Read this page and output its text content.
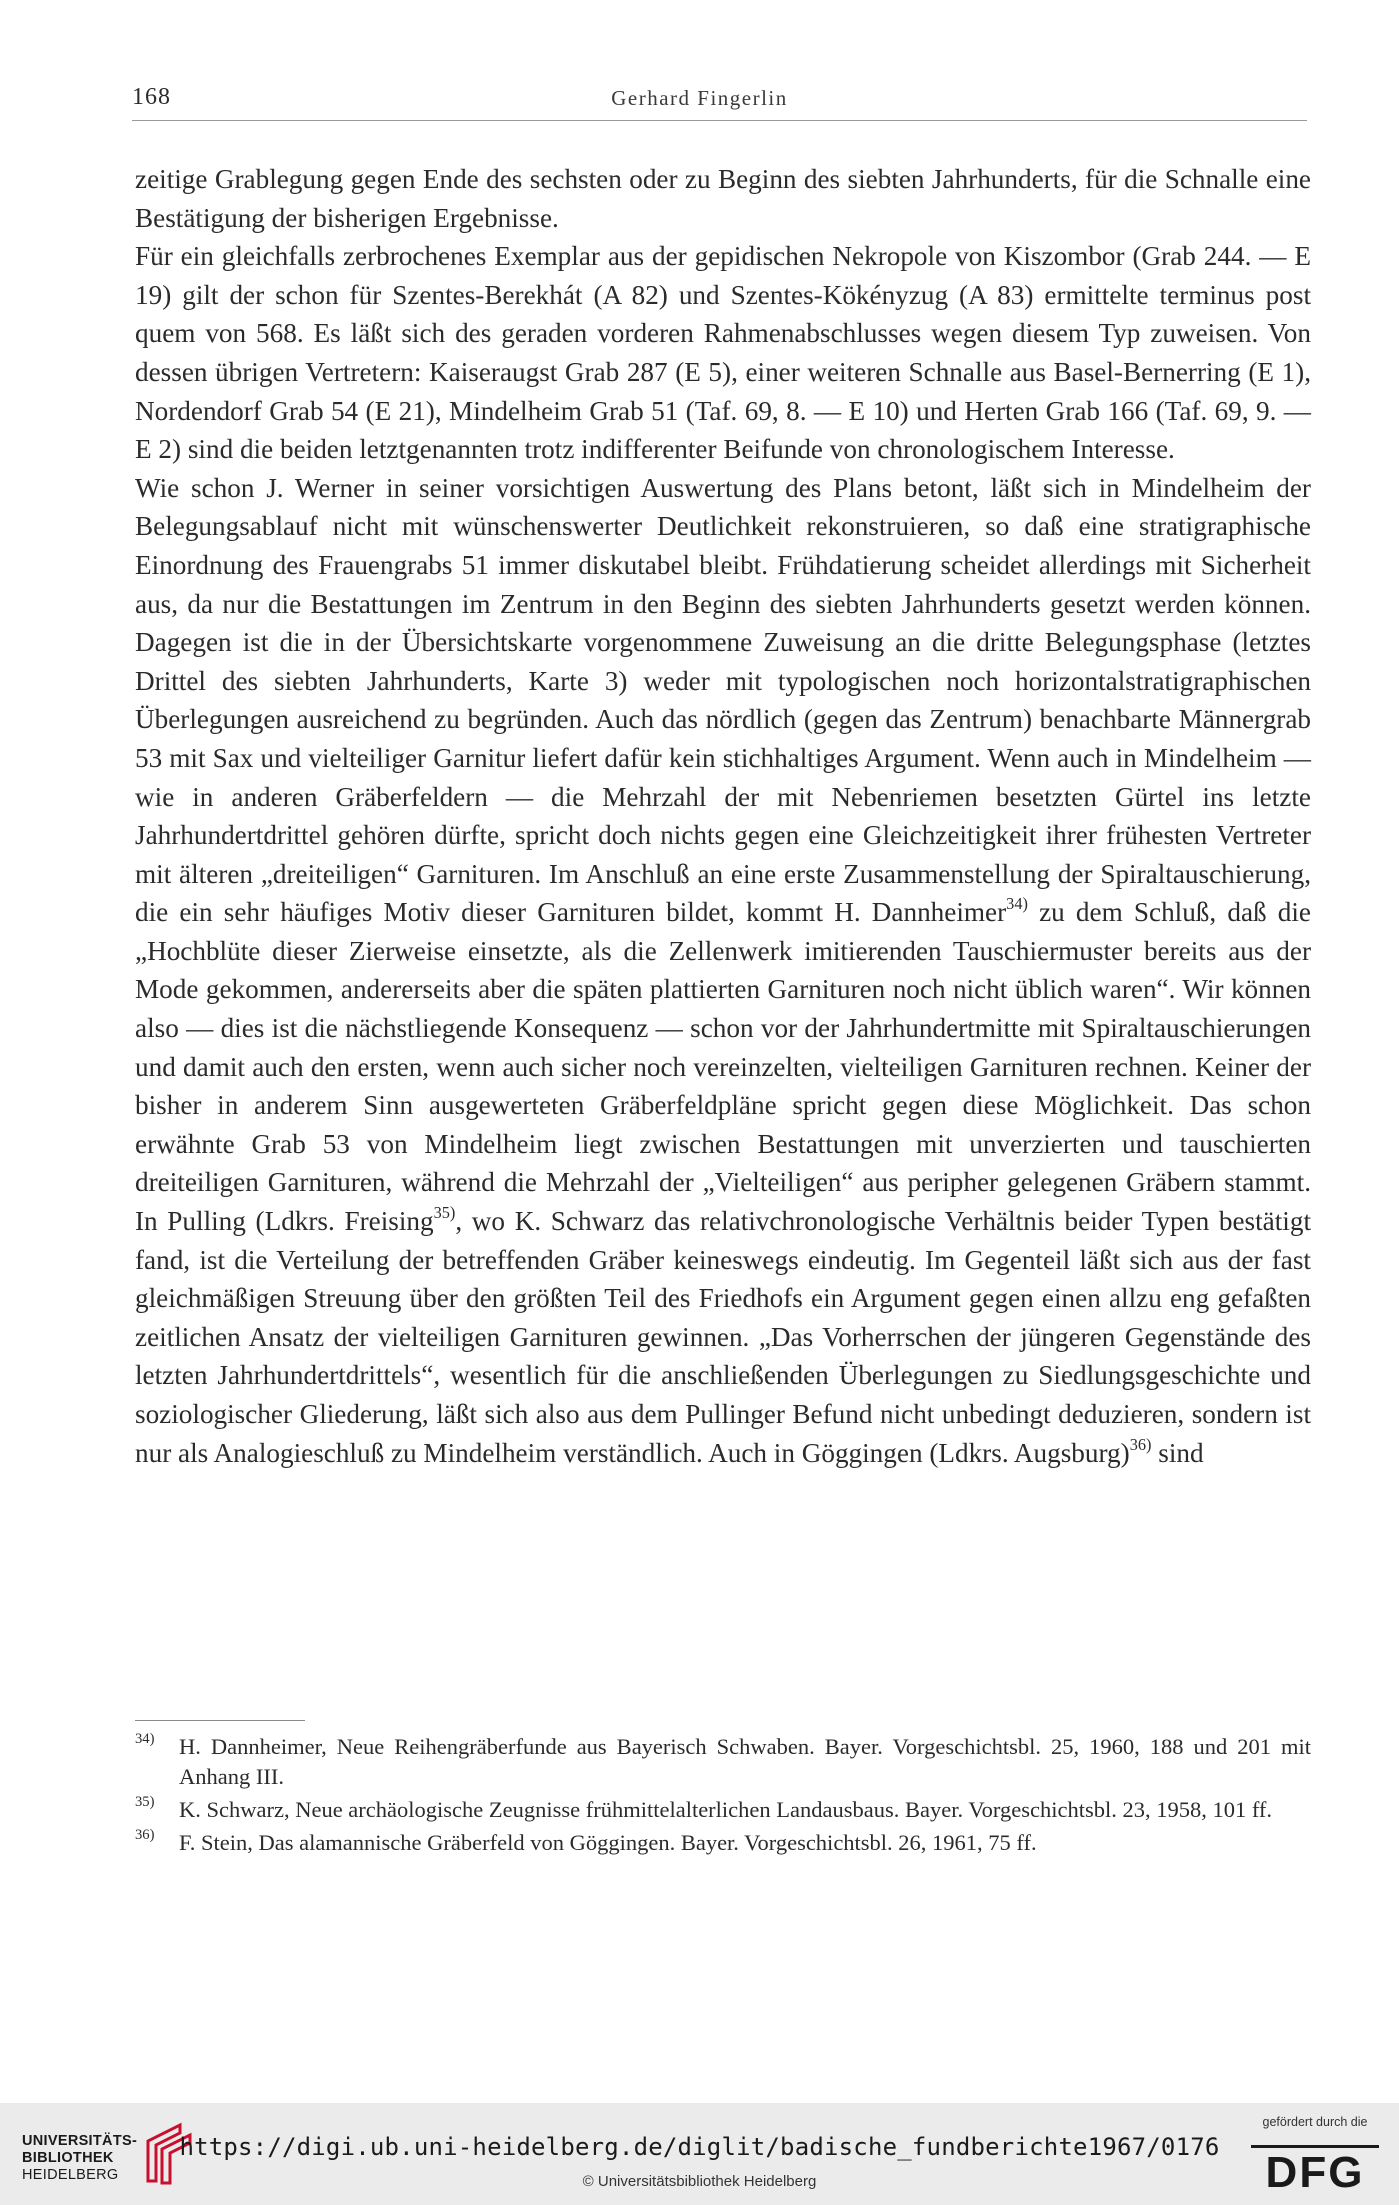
168	Gerhard Fingerlin

zeitige Grablegung gegen Ende des sechsten oder zu Beginn des siebten Jahrhunderts, für die Schnalle eine Bestätigung der bisherigen Ergebnisse.

Für ein gleichfalls zerbrochenes Exemplar aus der gepidischen Nekropole von Kiszombor (Grab 244. — E 19) gilt der schon für Szentes-Berekhát (A 82) und Szentes-Kökényzug (A 83) ermittelte terminus post quem von 568. Es läßt sich des geraden vorderen Rahmenabschlusses wegen diesem Typ zuweisen. Von dessen übrigen Vertretern: Kaiseraugst Grab 287 (E 5), einer weiteren Schnalle aus Basel-Bernerring (E 1), Nordendorf Grab 54 (E 21), Mindelheim Grab 51 (Taf. 69, 8. — E 10) und Herten Grab 166 (Taf. 69, 9. — E 2) sind die beiden letztgenannten trotz indifferenter Beifunde von chronologischem Interesse.

Wie schon J. Werner in seiner vorsichtigen Auswertung des Plans betont, läßt sich in Mindelheim der Belegungsablauf nicht mit wünschenswerter Deutlichkeit rekonstruieren, so daß eine stratigraphische Einordnung des Frauengrabs 51 immer diskutabel bleibt. Frühdatierung scheidet allerdings mit Sicherheit aus, da nur die Bestattungen im Zentrum in den Beginn des siebten Jahrhunderts gesetzt werden können. Dagegen ist die in der Übersichtskarte vorgenommene Zuweisung an die dritte Belegungsphase (letztes Drittel des siebten Jahrhunderts, Karte 3) weder mit typologischen noch horizontalstratigraphischen Überlegungen ausreichend zu begründen. Auch das nördlich (gegen das Zentrum) benachbarte Männergrab 53 mit Sax und vielteiliger Garnitur liefert dafür kein stichhaltiges Argument. Wenn auch in Mindelheim — wie in anderen Gräberfeldern — die Mehrzahl der mit Nebenriemen besetzten Gürtel ins letzte Jahrhundertdrittel gehören dürfte, spricht doch nichts gegen eine Gleichzeitigkeit ihrer frühesten Vertreter mit älteren „dreiteiligen“ Garnituren. Im Anschluß an eine erste Zusammenstellung der Spiraltauschierung, die ein sehr häufiges Motiv dieser Garnituren bildet, kommt H. Dannheimer$^{34)}$ zu dem Schluß, daß die „Hochblüte dieser Zierweise einsetzte, als die Zellenwerk imitierenden Tauschiermuster bereits aus der Mode gekommen, andererseits aber die späten plattierten Garnituren noch nicht üblich waren“. Wir können also — dies ist die nächstliegende Konsequenz — schon vor der Jahrhundertmitte mit Spiraltauschierungen und damit auch den ersten, wenn auch sicher noch vereinzelten, vielteiligen Garnituren rechnen. Keiner der bisher in anderem Sinn ausgewerteten Gräberfeldpläne spricht gegen diese Möglichkeit. Das schon erwähnte Grab 53 von Mindelheim liegt zwischen Bestattungen mit unverzierten und tauschierten dreiteiligen Garnituren, während die Mehrzahl der „Vielteiligen“ aus peripher gelegenen Gräbern stammt. In Pulling (Ldkrs. Freising$^{35)}$, wo K. Schwarz das relativchronologische Verhältnis beider Typen bestätigt fand, ist die Verteilung der betreffenden Gräber keineswegs eindeutig. Im Gegenteil läßt sich aus der fast gleichmäßigen Streuung über den größten Teil des Friedhofs ein Argument gegen einen allzu eng gefaßten zeitlichen Ansatz der vielteiligen Garnituren gewinnen. „Das Vorherrschen der jüngeren Gegenstände des letzten Jahrhundertdrittels“, wesentlich für die anschließenden Überlegungen zu Siedlungsgeschichte und soziologischer Gliederung, läßt sich also aus dem Pullinger Befund nicht unbedingt deduzieren, sondern ist nur als Analogieschluß zu Mindelheim verständlich. Auch in Göggingen (Ldkrs. Augsburg)$^{36)}$ sind

$^{34)}$ H. Dannheimer, Neue Reihengräberfunde aus Bayerisch Schwaben. Bayer. Vorgeschichtsbl. 25, 1960, 188 und 201 mit Anhang III.
$^{35)}$ K. Schwarz, Neue archäologische Zeugnisse frühmittelalterlichen Landausbaus. Bayer. Vorgeschichtsbl. 23, 1958, 101 ff.
$^{36)}$ F. Stein, Das alamannische Gräberfeld von Göggingen. Bayer. Vorgeschichtsbl. 26, 1961, 75 ff.
UNIVERSITÄTS-
BIBLIOTHEK
HEIDELBERG
https://digi.ub.uni-heidelberg.de/diglit/badische_fundberichte1967/0176
© Universitätsbibliothek Heidelberg
gefördert durch die
DFG
